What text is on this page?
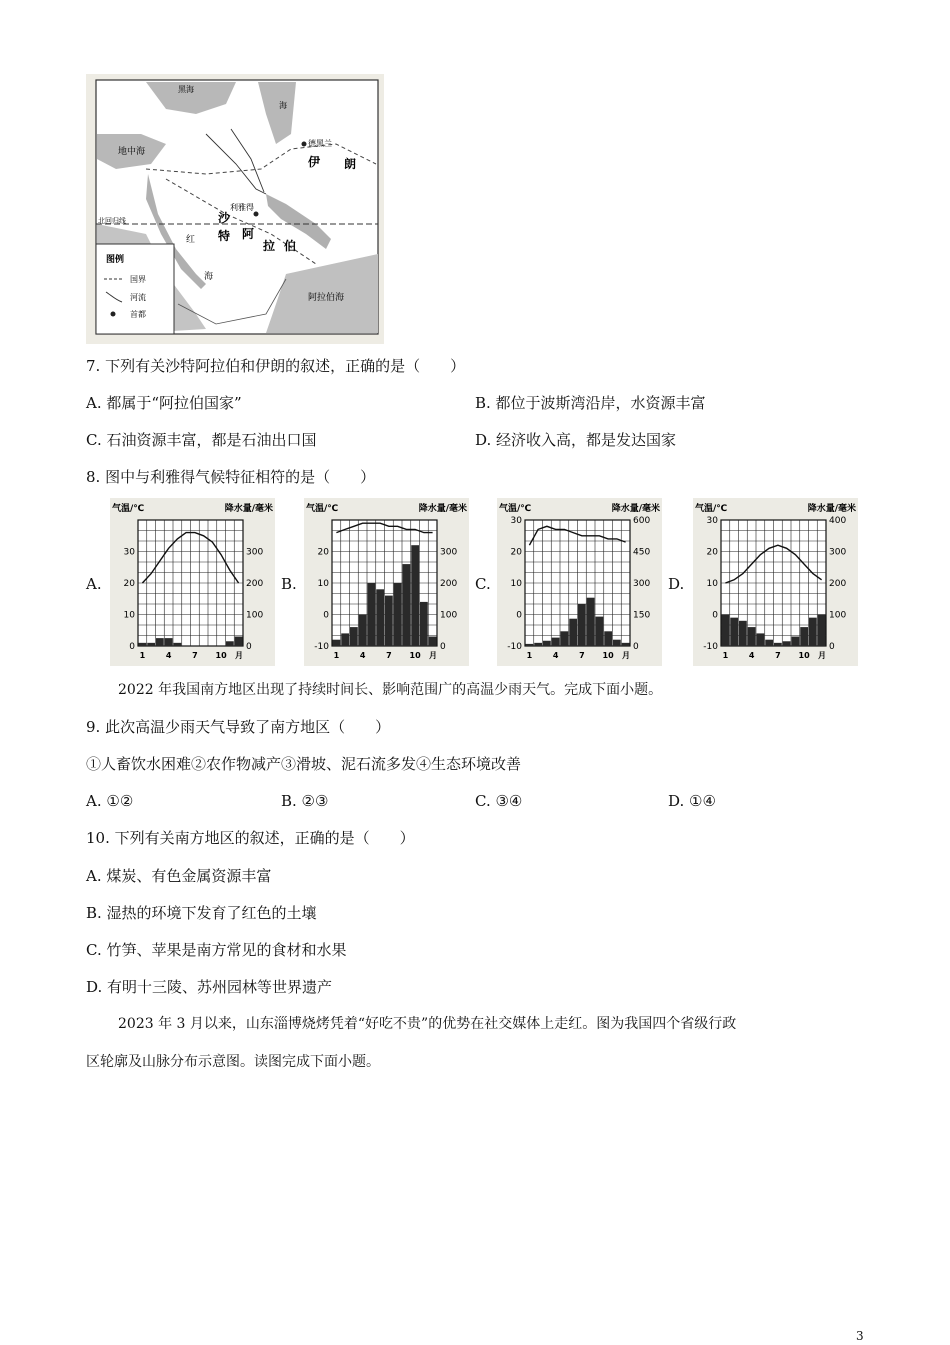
黑海
海
地中海
德黑兰
伊 朗
利雅得
沙
特 阿
拉 伯
北回归线
红
海
阿拉伯海
图例
国界
河流
首都
7. 下列有关沙特阿拉伯和伊朗的叙述，正确的是（　　）
A. 都属于“阿拉伯国家”	B. 都位于波斯湾沿岸，水资源丰富
C. 石油资源丰富，都是石油出口国	D. 经济收入高，都是发达国家
8. 图中与利雅得气候特征相符的是（　　）
A.	B.	C.	D.
气温/℃	降水量/毫米
0
10
20
30
0
100
200
300
1	4	7 10 月
气温/℃	降水量/毫米
-10
0
10
20
0
100
200
300
1	4	7 10 月
气温/℃	降水量/毫米
-10
0
10
20
30
0
150
300
450
600
1	4	7 10 月
气温/℃	降水量/毫米
-10
0
10
20
30
0
100
200
300
400
1	4	7 10 月
2022 年我国南方地区出现了持续时间长、影响范围广的高温少雨天气。完成下面小题。
9. 此次高温少雨天气导致了南方地区（　　）
①人畜饮水困难②农作物减产③滑坡、泥石流多发④生态环境改善
A. ①②	B. ②③	C. ③④	D. ①④
10. 下列有关南方地区的叙述，正确的是（　　）
A. 煤炭、有色金属资源丰富
B. 湿热的环境下发育了红色的土壤
C. 竹笋、苹果是南方常见的食材和水果
D. 有明十三陵、苏州园林等世界遗产
2023 年 3 月以来，山东淄博烧烤凭着“好吃不贵”的优势在社交媒体上走红。图为我国四个省级行政
区轮廓及山脉分布示意图。读图完成下面小题。
3
